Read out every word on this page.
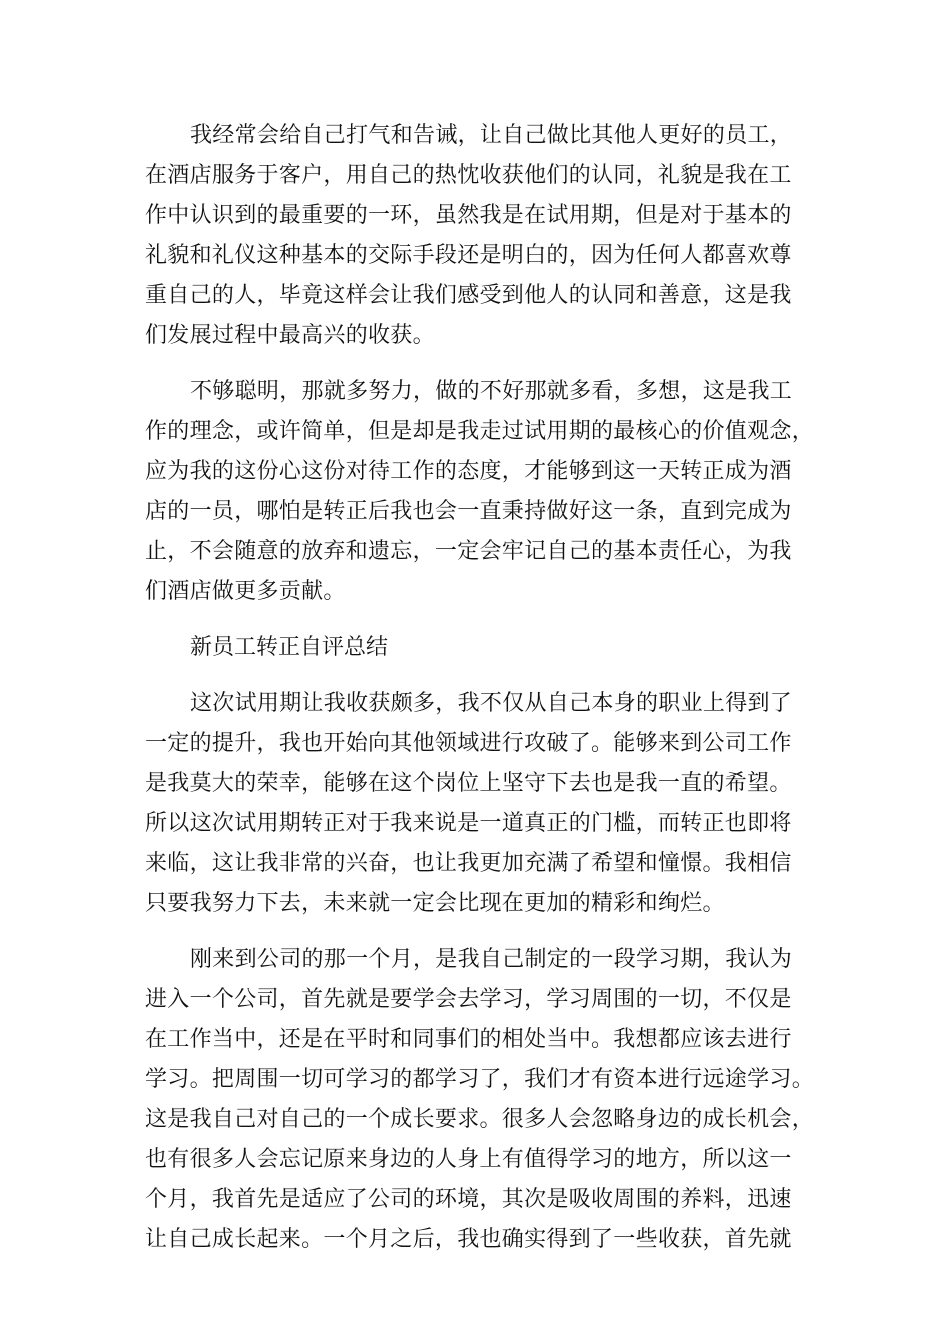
我经常会给自己打气和告诫，让自己做比其他人更好的员工，
在酒店服务于客户，用自己的热忱收获他们的认同，礼貌是我在工
作中认识到的最重要的一环，虽然我是在试用期，但是对于基本的
礼貌和礼仪这种基本的交际手段还是明白的，因为任何人都喜欢尊
重自己的人，毕竟这样会让我们感受到他人的认同和善意，这是我
们发展过程中最高兴的收获。
不够聪明，那就多努力，做的不好那就多看，多想，这是我工
作的理念，或许简单，但是却是我走过试用期的最核心的价值观念，
应为我的这份心这份对待工作的态度，才能够到这一天转正成为酒
店的一员，哪怕是转正后我也会一直秉持做好这一条，直到完成为
止，不会随意的放弃和遗忘，一定会牢记自己的基本责任心，为我
们酒店做更多贡献。
新员工转正自评总结
这次试用期让我收获颇多，我不仅从自己本身的职业上得到了
一定的提升，我也开始向其他领域进行攻破了。能够来到公司工作
是我莫大的荣幸，能够在这个岗位上坚守下去也是我一直的希望。
所以这次试用期转正对于我来说是一道真正的门槛，而转正也即将
来临，这让我非常的兴奋，也让我更加充满了希望和憧憬。我相信
只要我努力下去，未来就一定会比现在更加的精彩和绚烂。
刚来到公司的那一个月，是我自己制定的一段学习期，我认为
进入一个公司，首先就是要学会去学习，学习周围的一切，不仅是
在工作当中，还是在平时和同事们的相处当中。我想都应该去进行
学习。把周围一切可学习的都学习了，我们才有资本进行远途学习。
这是我自己对自己的一个成长要求。很多人会忽略身边的成长机会，
也有很多人会忘记原来身边的人身上有值得学习的地方，所以这一
个月，我首先是适应了公司的环境，其次是吸收周围的养料，迅速
让自己成长起来。一个月之后，我也确实得到了一些收获，首先就
